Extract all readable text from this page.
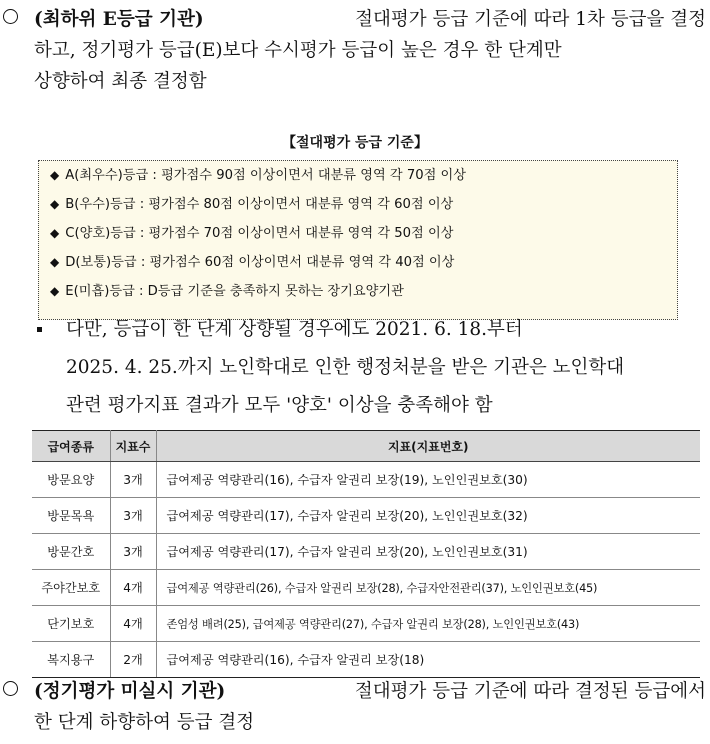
(최하위 E등급 기관)	절대평가 등급 기준에 따라 1차 등급을 결정
하고, 정기평가 등급(E)보다 수시평가 등급이 높은 경우 한 단계만
상향하여 최종 결정함
【절대평가 등급 기준】
◆ A(최우수)등급 : 평가점수 90점 이상이면서 대분류 영역 각 70점 이상
◆ B(우수)등급 : 평가점수 80점 이상이면서 대분류 영역 각 60점 이상
◆ C(양호)등급 : 평가점수 70점 이상이면서 대분류 영역 각 50점 이상
◆ D(보통)등급 : 평가점수 60점 이상이면서 대분류 영역 각 40점 이상
◆ E(미흡)등급 : D등급 기준을 충족하지 못하는 장기요양기관
다만, 등급이 한 단계 상향될 경우에도 2021. 6. 18.부터
2025. 4. 25.까지 노인학대로 인한 행정처분을 받은 기관은 노인학대
관련 평가지표 결과가 모두 '양호' 이상을 충족해야 함
급여종류	지표수	지표(지표번호)
방문요양	3개	급여제공 역량관리(16), 수급자 알권리 보장(19), 노인인권보호(30)
방문목욕	3개	급여제공 역량관리(17), 수급자 알권리 보장(20), 노인인권보호(32)
방문간호	3개	급여제공 역량관리(17), 수급자 알권리 보장(20), 노인인권보호(31)
주야간보호	4개	급여제공 역량관리(26), 수급자 알권리 보장(28), 수급자안전관리(37), 노인인권보호(45)
단기보호	4개	존엄성 배려(25), 급여제공 역량관리(27), 수급자 알권리 보장(28), 노인인권보호(43)
복지용구	2개	급여제공 역량관리(16), 수급자 알권리 보장(18)
(정기평가 미실시 기관)	절대평가 등급 기준에 따라 결정된 등급에서
한 단계 하향하여 등급 결정
